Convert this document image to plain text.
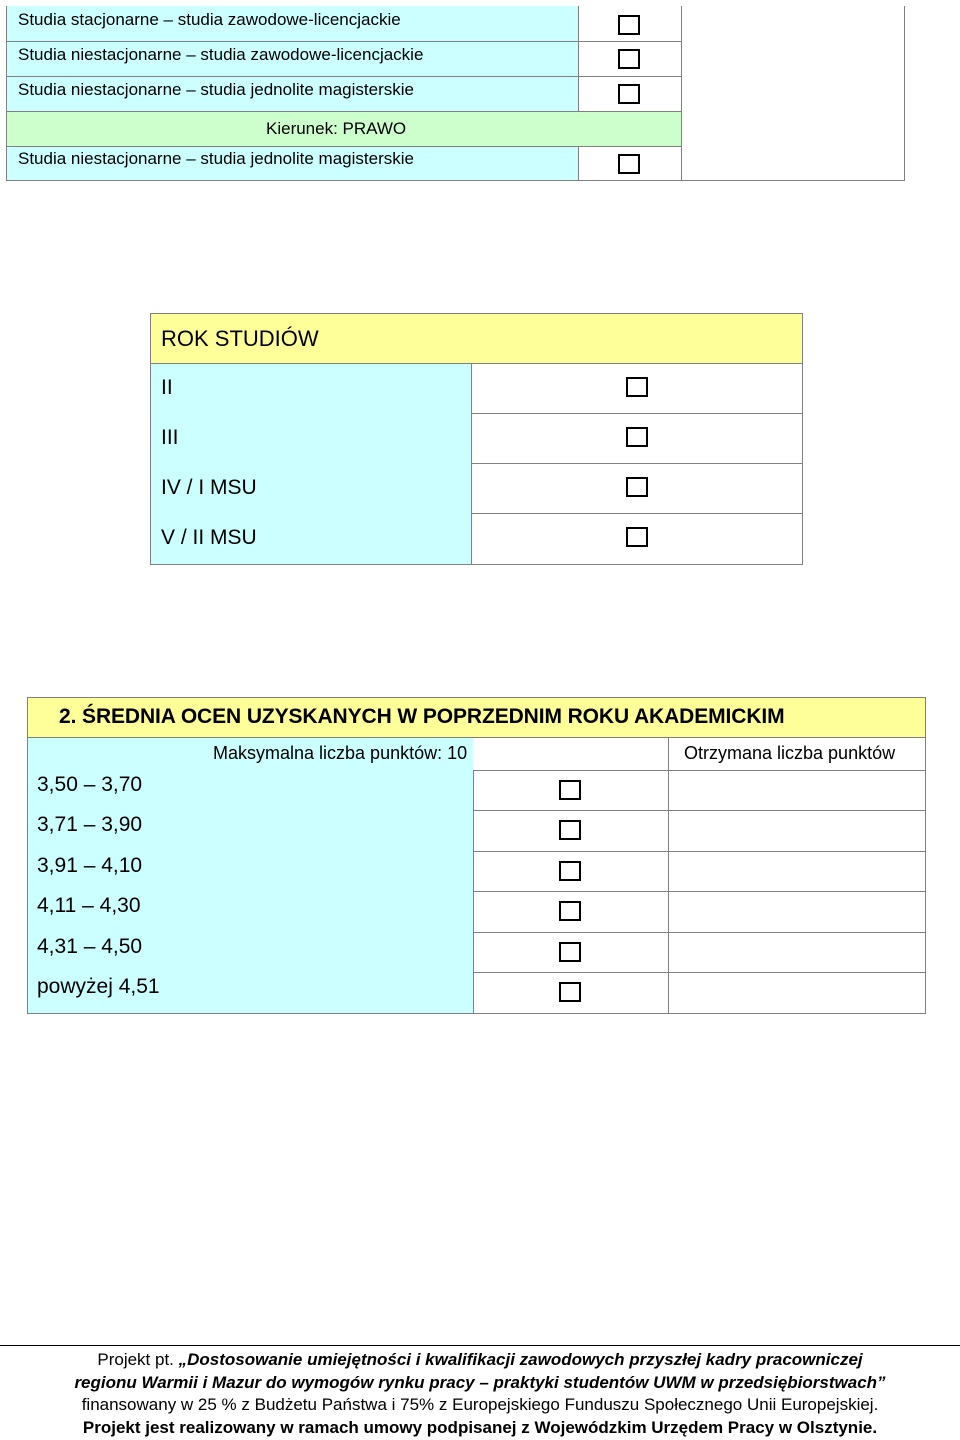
Studia stacjonarne – studia zawodowe-licencjackie
Studia niestacjonarne – studia zawodowe-licencjackie
Studia niestacjonarne – studia jednolite magisterskie
Kierunek: PRAWO
Studia niestacjonarne – studia jednolite magisterskie
ROK STUDIÓW
II
III
IV / I MSU
V / II MSU
2. ŚREDNIA OCEN UZYSKANYCH W POPRZEDNIM ROKU AKADEMICKIM
Maksymalna liczba punktów: 10	Otrzymana liczba punktów
3,50 – 3,70
3,71 – 3,90
3,91 – 4,10
4,11 – 4,30
4,31 – 4,50
powyżej 4,51
Projekt pt. „Dostosowanie umiejętności i kwalifikacji zawodowych przyszłej kadry pracowniczej
regionu Warmii i Mazur do wymogów rynku pracy – praktyki studentów UWM w przedsiębiorstwach”
finansowany w 25 % z Budżetu Państwa i 75% z Europejskiego Funduszu Społecznego Unii Europejskiej.
Projekt jest realizowany w ramach umowy podpisanej z Wojewódzkim Urzędem Pracy w Olsztynie.
